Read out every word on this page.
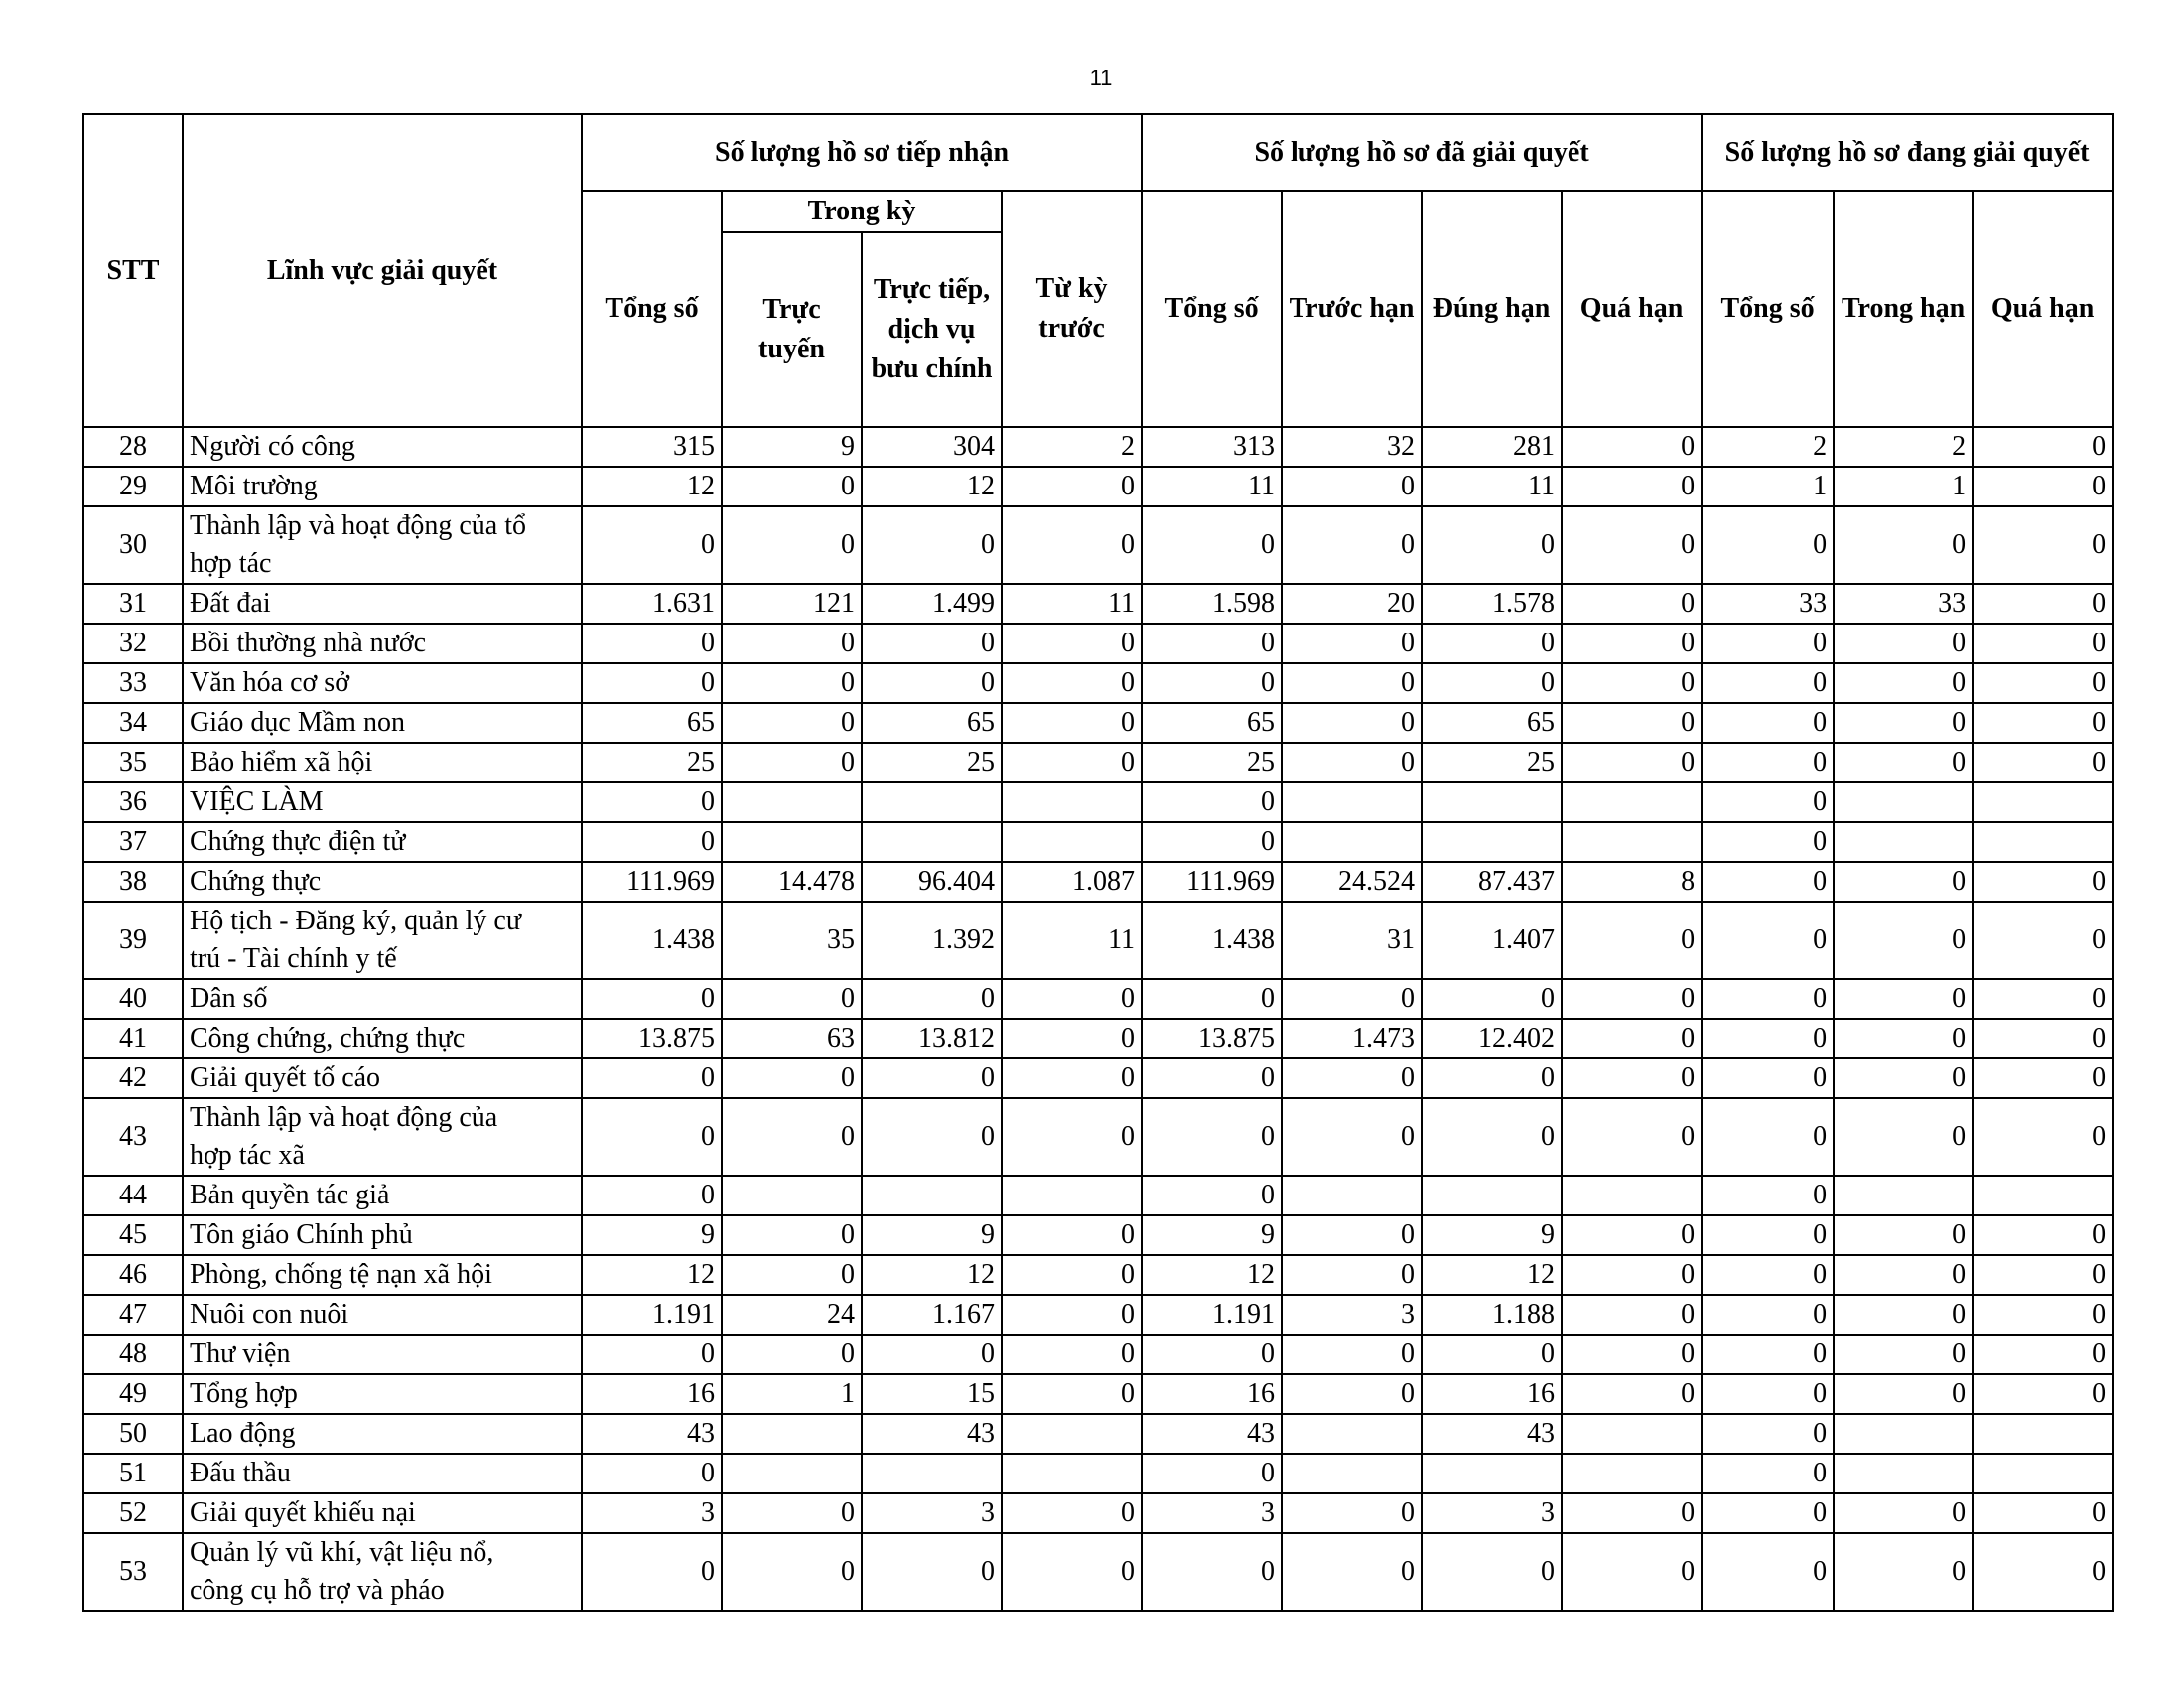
11
STT	Lĩnh vực giải quyết	Số lượng hồ sơ tiếp nhận				Số lượng hồ sơ đã giải quyết				Số lượng hồ sơ đang giải quyết		
		Tổng số	Trong kỳ		Từ kỳ trước	Tổng số	Trước hạn	Đúng hạn	Quá hạn	Tổng số	Trong hạn	Quá hạn
			Trực tuyến	Trực tiếp, dịch vụ bưu chính								
28	Người có công	315	9	304	2	313	32	281	0	2	2	0
29	Môi trường	12	0	12	0	11	0	11	0	1	1	0
30	Thành lập và hoạt động của tổ
hợp tác	0	0	0	0	0	0	0	0	0	0	0
31	Đất đai	1.631	121	1.499	11	1.598	20	1.578	0	33	33	0
32	Bồi thường nhà nước	0	0	0	0	0	0	0	0	0	0	0
33	Văn hóa cơ sở	0	0	0	0	0	0	0	0	0	0	0
34	Giáo dục Mầm non	65	0	65	0	65	0	65	0	0	0	0
35	Bảo hiểm xã hội	25	0	25	0	25	0	25	0	0	0	0
36	VIỆC LÀM	0				0				0		
37	Chứng thực điện tử	0				0				0		
38	Chứng thực	111.969	14.478	96.404	1.087	111.969	24.524	87.437	8	0	0	0
39	Hộ tịch - Đăng ký, quản lý cư
trú - Tài chính y tế	1.438	35	1.392	11	1.438	31	1.407	0	0	0	0
40	Dân số	0	0	0	0	0	0	0	0	0	0	0
41	Công chứng, chứng thực	13.875	63	13.812	0	13.875	1.473	12.402	0	0	0	0
42	Giải quyết tố cáo	0	0	0	0	0	0	0	0	0	0	0
43	Thành lập và hoạt động của
hợp tác xã	0	0	0	0	0	0	0	0	0	0	0
44	Bản quyền tác giả	0				0				0		
45	Tôn giáo Chính phủ	9	0	9	0	9	0	9	0	0	0	0
46	Phòng, chống tệ nạn xã hội	12	0	12	0	12	0	12	0	0	0	0
47	Nuôi con nuôi	1.191	24	1.167	0	1.191	3	1.188	0	0	0	0
48	Thư viện	0	0	0	0	0	0	0	0	0	0	0
49	Tổng hợp	16	1	15	0	16	0	16	0	0	0	0
50	Lao động	43		43		43		43		0		
51	Đấu thầu	0				0				0		
52	Giải quyết khiếu nại	3	0	3	0	3	0	3	0	0	0	0
53	Quản lý vũ khí, vật liệu nổ,
công cụ hỗ trợ và pháo	0	0	0	0	0	0	0	0	0	0	0
